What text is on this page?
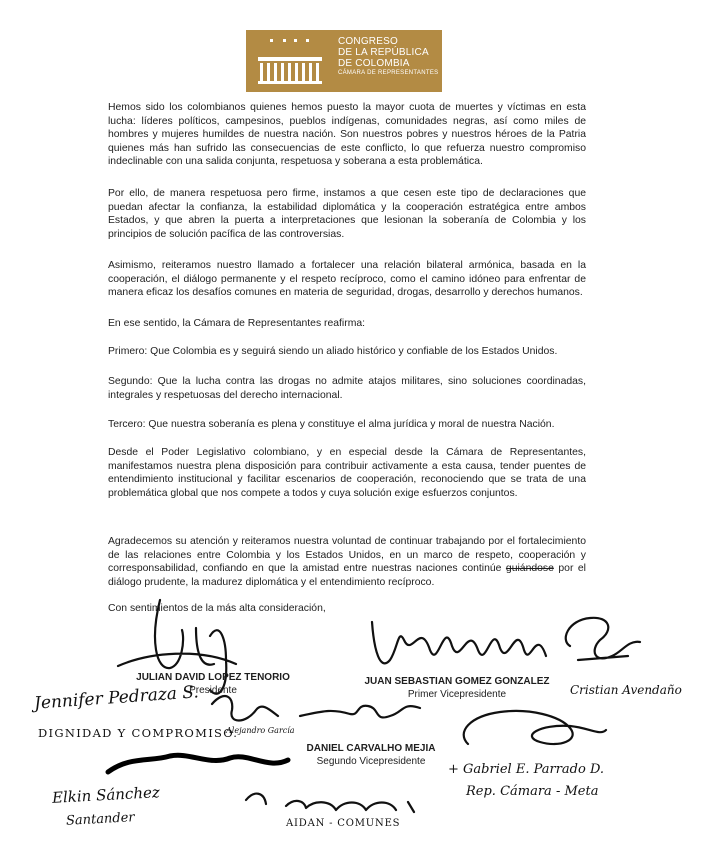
CONGRESO
DE LA REPÚBLICA
DE COLOMBIA
CÁMARA DE REPRESENTANTES

Hemos sido los colombianos quienes hemos puesto la mayor cuota de muertes y víctimas en esta lucha: líderes políticos, campesinos, pueblos indígenas, comunidades negras, así como miles de hombres y mujeres humildes de nuestra nación. Son nuestros pobres y nuestros héroes de la Patria quienes más han sufrido las consecuencias de este conflicto, lo que refuerza nuestro compromiso indeclinable con una salida conjunta, respetuosa y soberana a esta problemática.

Por ello, de manera respetuosa pero firme, instamos a que cesen este tipo de declaraciones que puedan afectar la confianza, la estabilidad diplomática y la cooperación estratégica entre ambos Estados, y que abren la puerta a interpretaciones que lesionan la soberanía de Colombia y los principios de solución pacífica de las controversias.

Asimismo, reiteramos nuestro llamado a fortalecer una relación bilateral armónica, basada en la cooperación, el diálogo permanente y el respeto recíproco, como el camino idóneo para enfrentar de manera eficaz los desafíos comunes en materia de seguridad, drogas, desarrollo y derechos humanos.

En ese sentido, la Cámara de Representantes reafirma:

Primero: Que Colombia es y seguirá siendo un aliado histórico y confiable de los Estados Unidos.

Segundo: Que la lucha contra las drogas no admite atajos militares, sino soluciones coordinadas, integrales y respetuosas del derecho internacional.

Tercero: Que nuestra soberanía es plena y constituye el alma jurídica y moral de nuestra Nación.

Desde el Poder Legislativo colombiano, y en especial desde la Cámara de Representantes, manifestamos nuestra plena disposición para contribuir activamente a esta causa, tender puentes de entendimiento institucional y facilitar escenarios de cooperación, reconociendo que se trata de una problemática global que nos compete a todos y cuya solución exige esfuerzos conjuntos.

Agradecemos su atención y reiteramos nuestra voluntad de continuar trabajando por el fortalecimiento de las relaciones entre Colombia y los Estados Unidos, en un marco de respeto, cooperación y corresponsabilidad, confiando en que la amistad entre nuestras naciones continúe guiándose por el diálogo prudente, la madurez diplomática y el entendimiento recíproco.

Con sentimientos de la más alta consideración,

JULIAN DAVID LOPEZ TENORIO
Presidente
JUAN SEBASTIAN GOMEZ GONZALEZ
Primer Vicepresidente
DANIEL CARVALHO MEJIA
Segundo Vicepresidente
Cristian Avendaño
Jennifer Pedraza S.
DIGNIDAD Y COMPROMISO.
Alejandro García
+ Gabriel E. Parrado D.
Rep. Cámara - Meta
Elkin Sánchez
Santander	AIDAN - COMUNES
